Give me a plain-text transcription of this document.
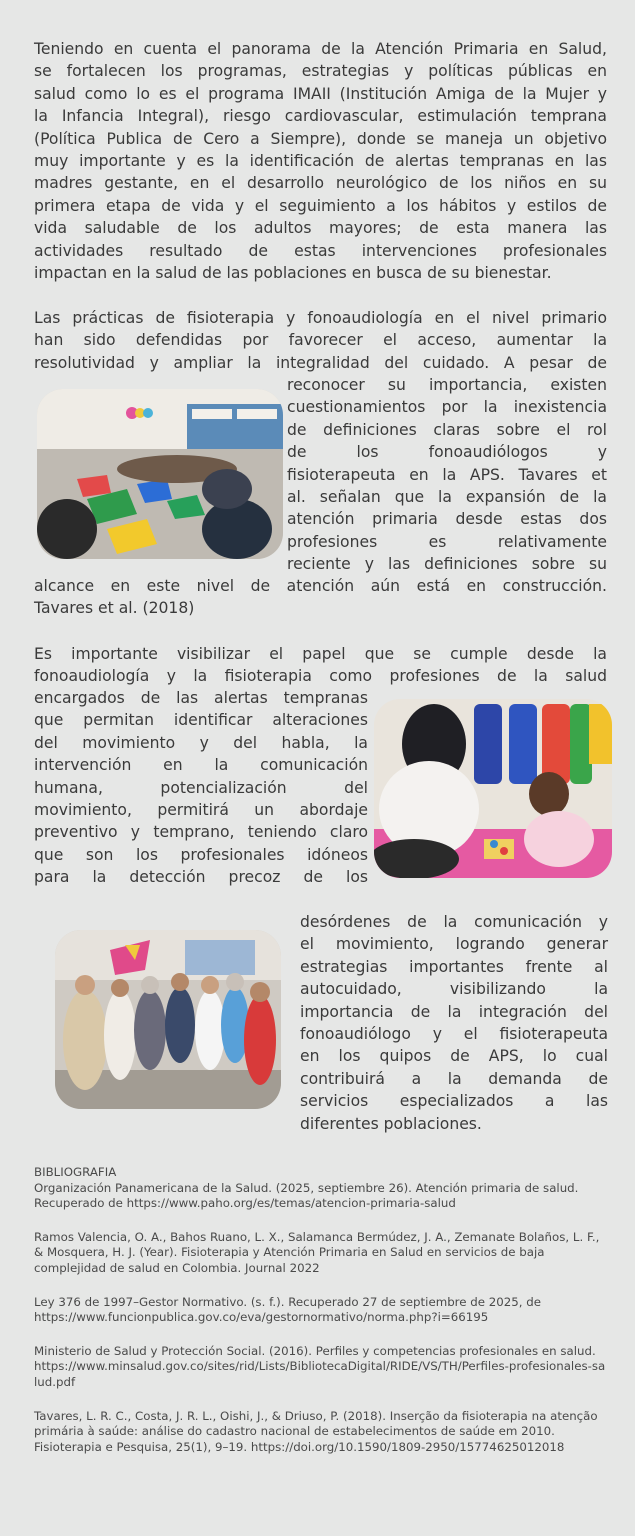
Teniendo en cuenta el panorama de la Atención Primaria en Salud,
se fortalecen los programas, estrategias y políticas públicas en
salud como lo es el programa IMAII (Institución Amiga de la Mujer y
la Infancia Integral), riesgo cardiovascular, estimulación temprana
(Política Publica de Cero a Siempre), donde se maneja un objetivo
muy importante y es la identificación de alertas tempranas en las
madres gestante, en el desarrollo neurológico de los niños en su
primera etapa de vida y el seguimiento a los hábitos y estilos de
vida saludable de los adultos mayores; de esta manera las
actividades resultado de estas intervenciones profesionales
impactan en la salud de las poblaciones en busca de su bienestar.
Las prácticas de fisioterapia y fonoaudiología en el nivel primario
han sido defendidas por favorecer el acceso, aumentar la
resolutividad y ampliar la integralidad del cuidado. A pesar de
reconocer su importancia, existen
cuestionamientos por la inexistencia
de definiciones claras sobre el rol
de los fonoaudiólogos y
fisioterapeuta en la APS. Tavares et
al. señalan que la expansión de la
atención primaria desde estas dos
profesiones es relativamente
reciente y las definiciones sobre su
alcance en este nivel de atención aún está en construcción.
Tavares et al. (2018)
Es importante visibilizar el papel que se cumple desde la
fonoaudiología y la fisioterapia como profesiones de la salud
encargados de las alertas tempranas
que permitan identificar alteraciones
del movimiento y del habla, la
intervención en la comunicación
humana, potencialización del
movimiento, permitirá un abordaje
preventivo y temprano, teniendo claro
que son los profesionales idóneos
para la detección precoz de los
desórdenes de la comunicación y
el movimiento, logrando generar
estrategias importantes frente al
autocuidado, visibilizando la
importancia de la integración del
fonoaudiólogo y el fisioterapeuta
en los quipos de APS, lo cual
contribuirá a la demanda de
servicios especializados a las
diferentes poblaciones.
BIBLIOGRAFIA

Organización Panamericana de la Salud. (2025, septiembre 26). Atención primaria de salud. Recuperado de https://www.paho.org/es/temas/atencion-primaria-salud

Ramos Valencia, O. A., Bahos Ruano, L. X., Salamanca Bermúdez, J. A., Zemanate Bolaños, L. F., & Mosquera, H. J. (Year). Fisioterapia y Atención Primaria en Salud en servicios de baja complejidad de salud en Colombia. Journal 2022

Ley 376 de 1997–Gestor Normativo. (s. f.). Recuperado 27 de septiembre de 2025, de https://www.funcionpublica.gov.co/eva/gestornormativo/norma.php?i=66195

Ministerio de Salud y Protección Social. (2016). Perfiles y competencias profesionales en salud. https://www.minsalud.gov.co/sites/rid/Lists/BibliotecaDigital/RIDE/VS/TH/Perfiles-profesionales-salud.pdf

Tavares, L. R. C., Costa, J. R. L., Oishi, J., & Driuso, P. (2018). Inserção da fisioterapia na atenção primária à saúde: análise do cadastro nacional de estabelecimentos de saúde em 2010. Fisioterapia e Pesquisa, 25(1), 9–19. https://doi.org/10.1590/1809-2950/15774625012018
